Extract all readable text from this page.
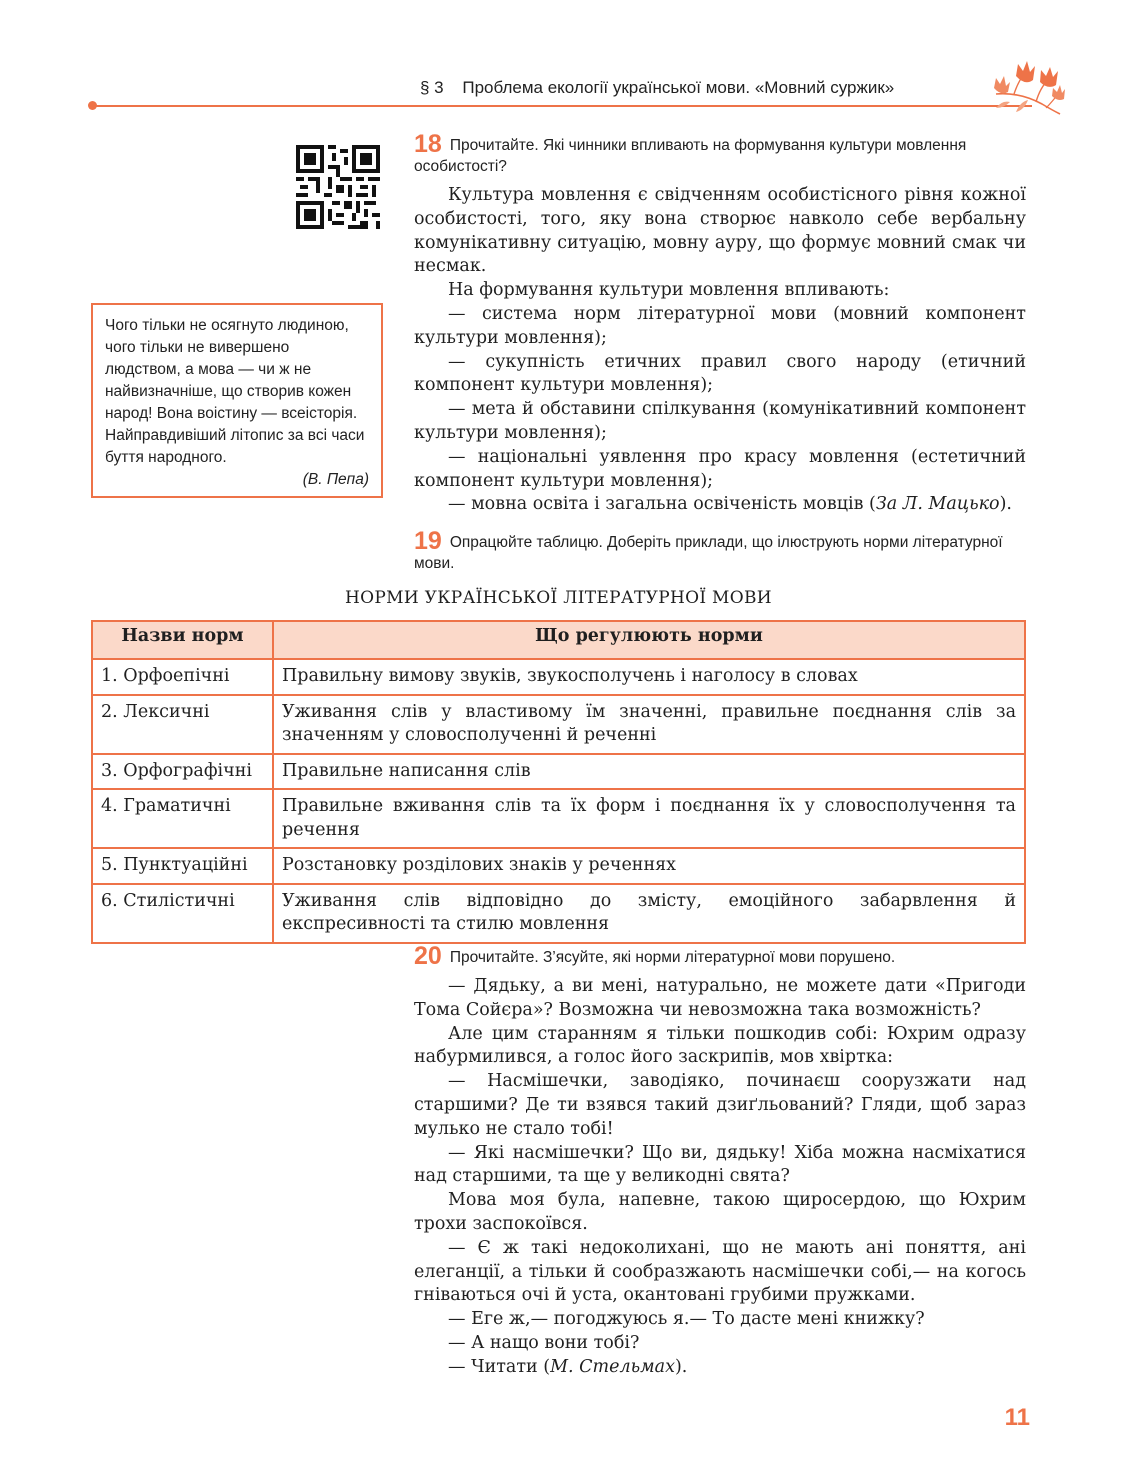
§ 3 Проблема екології української мови. «Мовний суржик»
Чого тільки не осягнуто людиною, чого тільки не вивершено людством, а мова — чи ж не найвизначніше, що створив кожен народ! Вона воістину — всеісторія. Найправдивіший літопис за всі часи буття народного.
(В. Пепа)
18 Прочитайте. Які чинники впливають на формування культури мовлення особистості?

Культура мовлення є свідченням особистісного рівня кожної особистості, того, яку вона створює навколо себе вербальну комунікативну ситуацію, мовну ауру, що формує мовний смак чи несмак.

На формування культури мовлення впливають:

— система норм літературної мови (мовний компонент культури мовлення);

— сукупність етичних правил свого народу (етичний компонент культури мовлення);

— мета й обставини спілкування (комунікативний компонент культури мовлення);

— національні уявлення про красу мовлення (естетичний компонент культури мовлення);

— мовна освіта і загальна освіченість мовців (За Л. Мацько).

19 Опрацюйте таблицю. Доберіть приклади, що ілюструють норми літературної мови.
НОРМИ УКРАЇНСЬКОЇ ЛІТЕРАТУРНОЇ МОВИ
Назви норм	Що регулюють норми
1. Орфоепічні	Правильну вимову звуків, звукосполучень і наголосу в словах
2. Лексичні	Уживання слів у властивому їм значенні, правильне поєднання слів за значенням у словосполученні й реченні
3. Орфографічні	Правильне написання слів
4. Граматичні	Правильне вживання слів та їх форм і поєднання їх у словосполучення та речення
5. Пунктуаційні	Розстановку розділових знаків у реченнях
6. Стилістичні	Уживання слів відповідно до змісту, емоційного забарвлення й експресивності та стилю мовлення
20 Прочитайте. З’ясуйте, які норми літературної мови порушено.

— Дядьку, а ви мені, натурально, не можете дати «Пригоди Тома Сойєра»? Возможна чи невозможна така возможність?

Але цим старанням я тільки пошкодив собі: Юхрим одразу набурмилився, а голос його заскрипів, мов хвіртка:

— Насмішечки, заводіяко, починаєш соорузжати над старшими? Де ти взявся такий дзиґльований? Гляди, щоб зараз мулько не стало тобі!

— Які насмішечки? Що ви, дядьку! Хіба можна насміхатися над старшими, та ще у великодні свята?

Мова моя була, напевне, такою щиросердою, що Юхрим трохи заспокоївся.

— Є ж такі недоколихані, що не мають ані поняття, ані елеганції, а тільки й сообразжають насмішечки собі,— на когось гніваються очі й уста, окантовані грубими пружками.

— Еге ж,— погоджуюсь я.— То дасте мені книжку?

— А нащо вони тобі?

— Читати (М. Стельмах).

11
